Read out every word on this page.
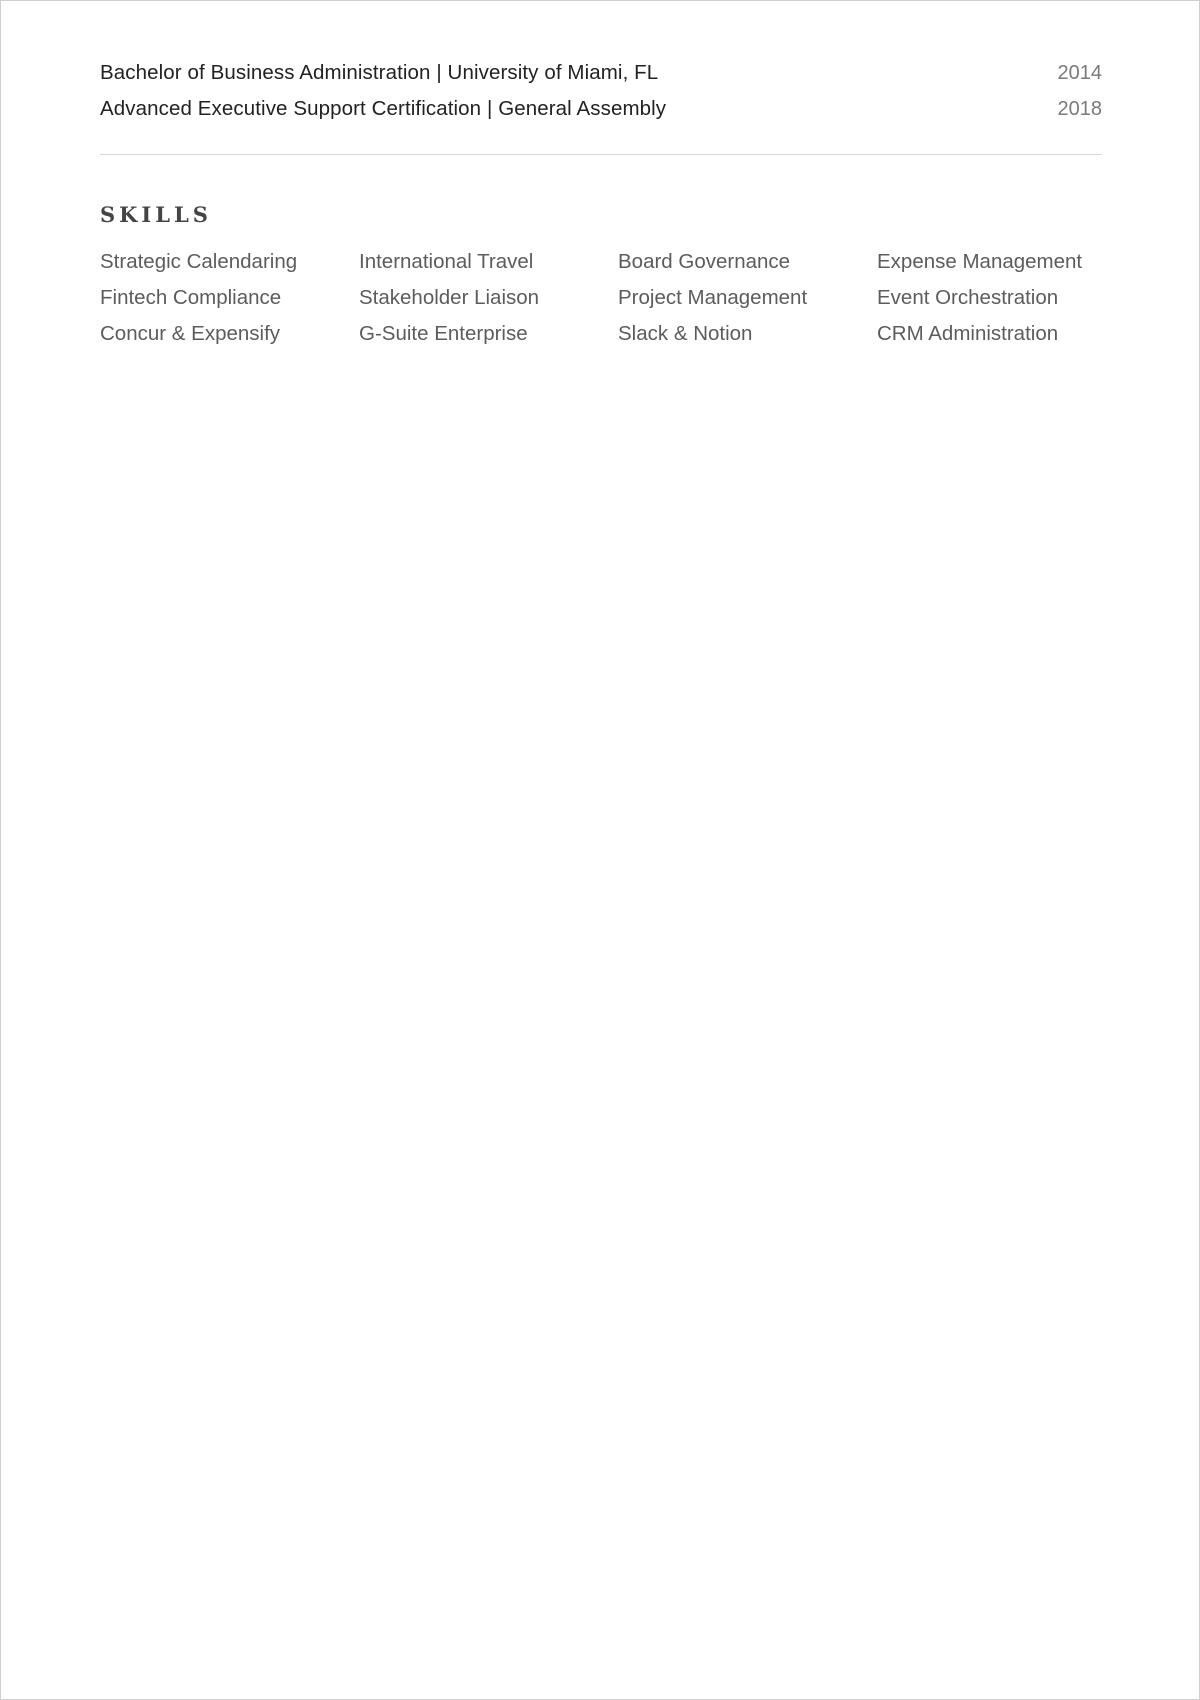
Bachelor of Business Administration | University of Miami, FL	2014
Advanced Executive Support Certification | General Assembly	2018
SKILLS
Strategic Calendaring	International Travel	Board Governance	Expense Management
Fintech Compliance	Stakeholder Liaison	Project Management	Event Orchestration
Concur & Expensify	G-Suite Enterprise	Slack & Notion	CRM Administration
